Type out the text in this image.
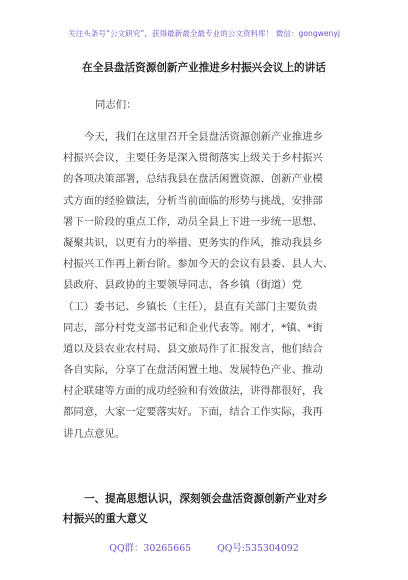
关注头条号“公文研究”，获得最新最全最专业的公文资料库！ 微信：gongwenyj
在全县盘活资源创新产业推进乡村振兴会议上的讲话
同志们：
今天，我们在这里召开全县盘活资源创新产业推进乡
村振兴会议，主要任务是深入贯彻落实上级关于乡村振兴
的各项决策部署，总结我县在盘活闲置资源、创新产业模
式方面的经验做法，分析当前面临的形势与挑战，安排部
署下一阶段的重点工作，动员全县上下进一步统一思想、
凝聚共识，以更有力的举措、更务实的作风，推动我县乡
村振兴工作再上新台阶。参加今天的会议有县委、县人大、
县政府、县政协的主要领导同志，各乡镇（街道）党
（工）委书记、乡镇长（主任），县直有关部门主要负责
同志，部分村党支部书记和企业代表等。刚才，*镇、*街
道以及县农业农村局、县文旅局作了汇报发言，他们结合
各自实际，分享了在盘活闲置土地、发展特色产业、推动
村企联建等方面的成功经验和有效做法，讲得都很好，我
都同意，大家一定要落实好。下面，结合工作实际，我再
讲几点意见。
一、提高思想认识，深刻领会盘活资源创新产业对乡
村振兴的重大意义
QQ群：30265665	QQ号:535304092
